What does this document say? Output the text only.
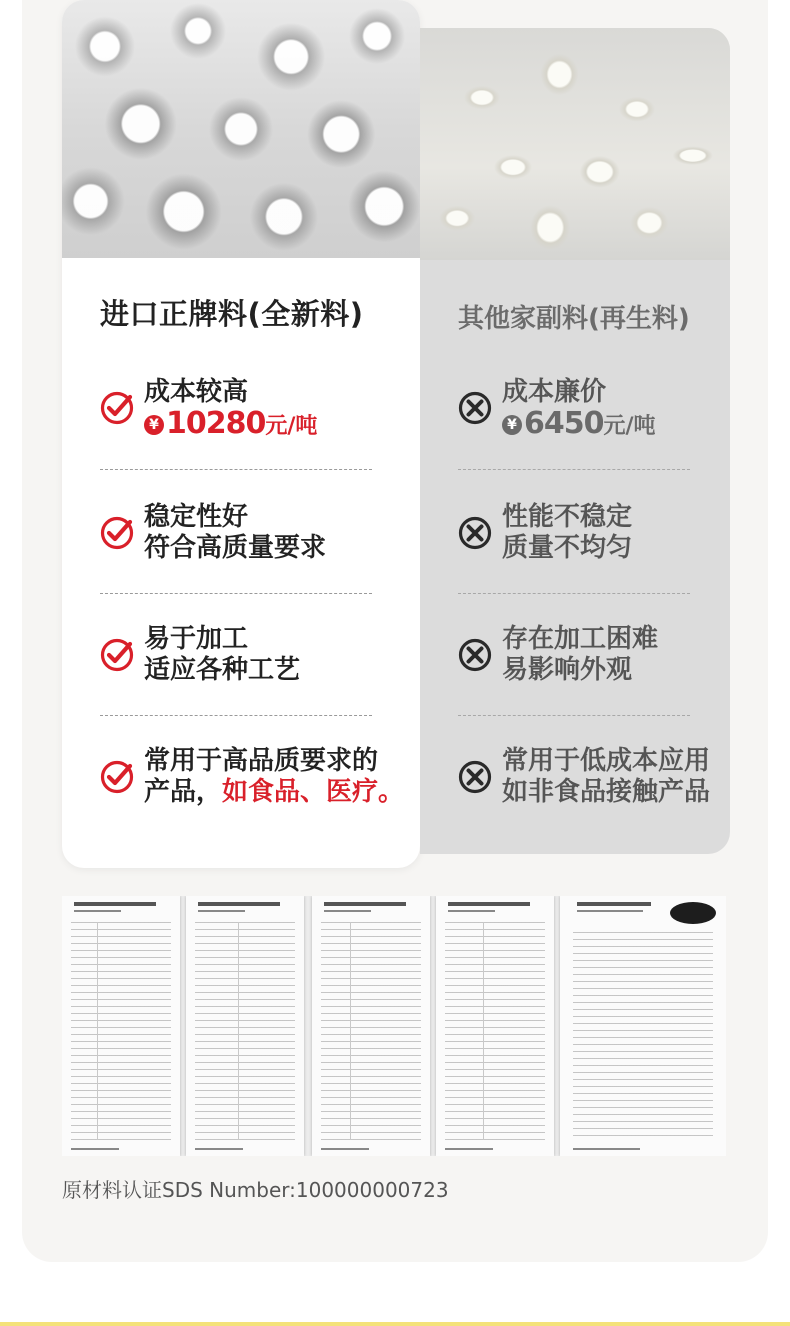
进口正牌料(全新料)	其他家副料(再生料)
成本较高
¥ 10280元/吨
稳定性好
符合高质量要求
易于加工
适应各种工艺
常用于高品质要求的
产品，如食品、医疗。
成本廉价
¥ 6450元/吨
性能不稳定
质量不均匀
存在加工困难
易影响外观
常用于低成本应用
如非食品接触产品
原材料认证SDS Number:100000000723
